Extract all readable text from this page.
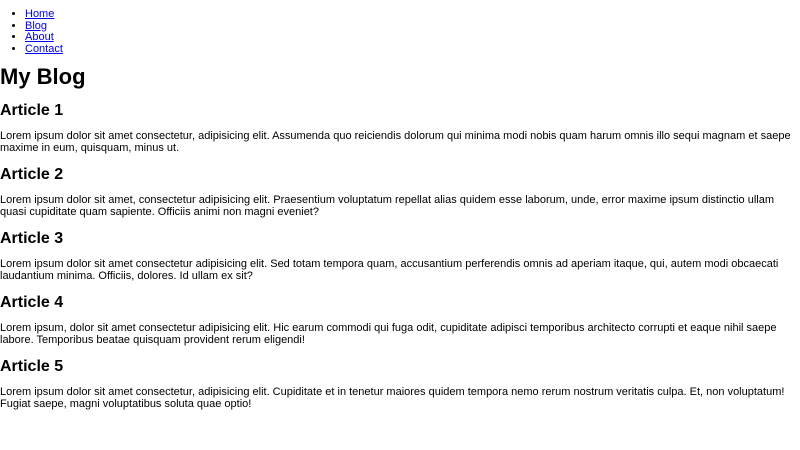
• Home
• Blog
• About
• Contact
My Blog
Article 1

Lorem ipsum dolor sit amet consectetur, adipisicing elit. Assumenda quo reiciendis dolorum qui minima modi nobis quam harum omnis illo sequi magnam et saepe maxime in eum, quisquam, minus ut.

Article 2

Lorem ipsum dolor sit amet, consectetur adipisicing elit. Praesentium voluptatum repellat alias quidem esse laborum, unde, error maxime ipsum distinctio ullam quasi cupiditate quam sapiente. Officiis animi non magni eveniet?

Article 3

Lorem ipsum dolor sit amet consectetur adipisicing elit. Sed totam tempora quam, accusantium perferendis omnis ad aperiam itaque, qui, autem modi obcaecati laudantium minima. Officiis, dolores. Id ullam ex sit?

Article 4

Lorem ipsum, dolor sit amet consectetur adipisicing elit. Hic earum commodi qui fuga odit, cupiditate adipisci temporibus architecto corrupti et eaque nihil saepe labore. Temporibus beatae quisquam provident rerum eligendi!

Article 5

Lorem ipsum dolor sit amet consectetur, adipisicing elit. Cupiditate et in tenetur maiores quidem tempora nemo rerum nostrum veritatis culpa. Et, non voluptatum! Fugiat saepe, magni voluptatibus soluta quae optio!
